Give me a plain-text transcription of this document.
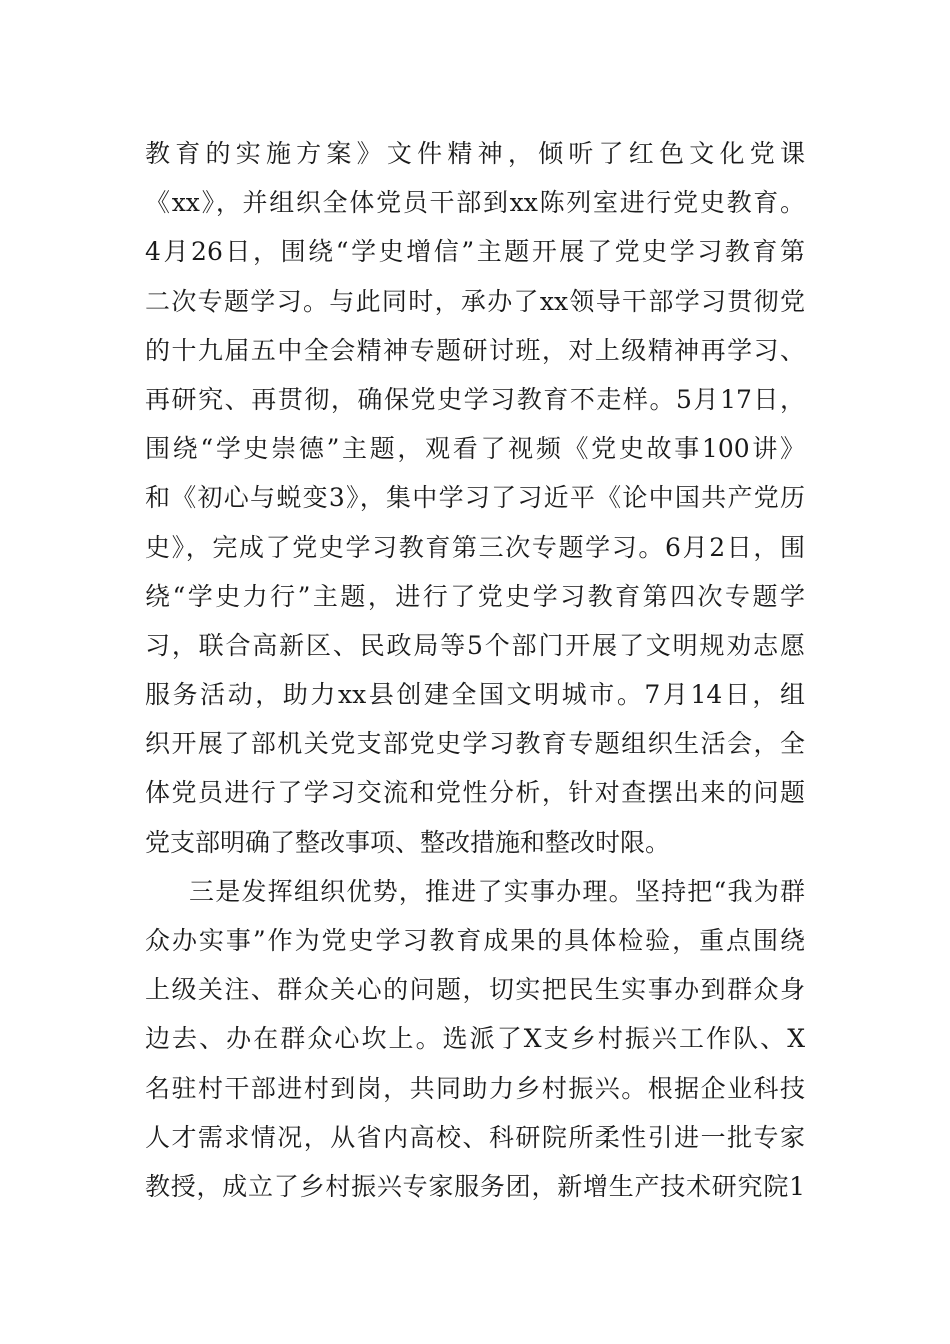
教育的实施方案》文件精神，倾听了红色文化党课
《xx》，并组织全体党员干部到xx陈列室进行党史教育。
4月26日，围绕“学史增信”主题开展了党史学习教育第
二次专题学习。与此同时，承办了xx领导干部学习贯彻党
的十九届五中全会精神专题研讨班，对上级精神再学习、
再研究、再贯彻，确保党史学习教育不走样。5月17日，
围绕“学史崇德”主题，观看了视频《党史故事100讲》
和《初心与蜕变3》，集中学习了习近平《论中国共产党历
史》，完成了党史学习教育第三次专题学习。6月2日，围
绕“学史力行”主题，进行了党史学习教育第四次专题学
习，联合高新区、民政局等5个部门开展了文明规劝志愿
服务活动，助力xx县创建全国文明城市。7月14日，组
织开展了部机关党支部党史学习教育专题组织生活会，全
体党员进行了学习交流和党性分析，针对查摆出来的问题
党支部明确了整改事项、整改措施和整改时限。
三是发挥组织优势，推进了实事办理。坚持把“我为群
众办实事”作为党史学习教育成果的具体检验，重点围绕
上级关注、群众关心的问题，切实把民生实事办到群众身
边去、办在群众心坎上。选派了X支乡村振兴工作队、X
名驻村干部进村到岗，共同助力乡村振兴。根据企业科技
人才需求情况，从省内高校、科研院所柔性引进一批专家
教授，成立了乡村振兴专家服务团，新增生产技术研究院1
